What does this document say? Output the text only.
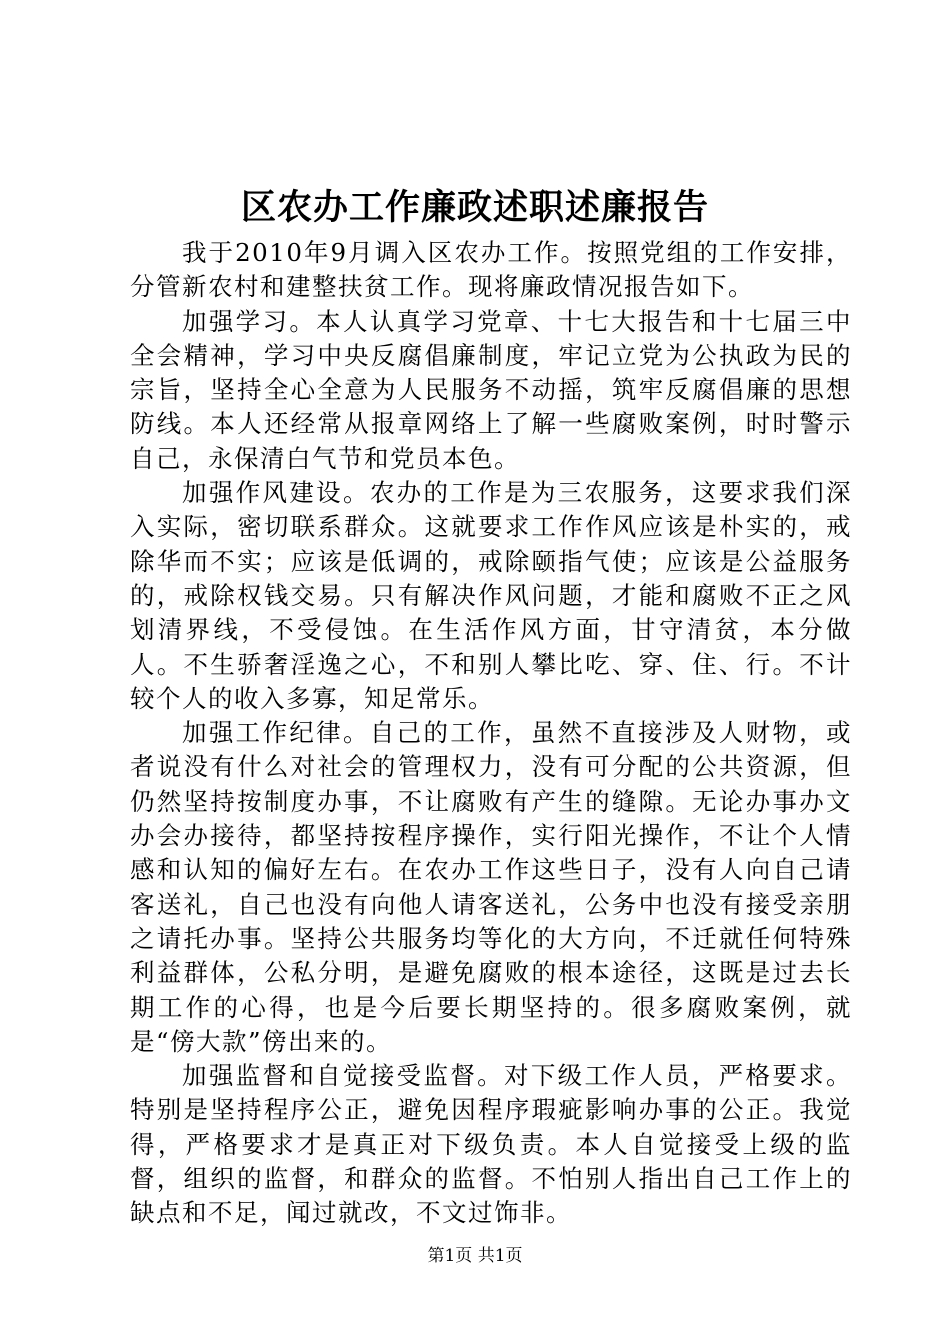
区农办工作廉政述职述廉报告

我于2010年9月调入区农办工作。按照党组的工作安排，分管新农村和建整扶贫工作。现将廉政情况报告如下。

加强学习。本人认真学习党章、十七大报告和十七届三中全会精神，学习中央反腐倡廉制度，牢记立党为公执政为民的宗旨，坚持全心全意为人民服务不动摇，筑牢反腐倡廉的思想防线。本人还经常从报章网络上了解一些腐败案例，时时警示自己，永保清白气节和党员本色。

加强作风建设。农办的工作是为三农服务，这要求我们深入实际，密切联系群众。这就要求工作作风应该是朴实的，戒除华而不实；应该是低调的，戒除颐指气使；应该是公益服务的，戒除权钱交易。只有解决作风问题，才能和腐败不正之风划清界线，不受侵蚀。在生活作风方面，甘守清贫，本分做人。不生骄奢淫逸之心，不和别人攀比吃、穿、住、行。不计较个人的收入多寡，知足常乐。

加强工作纪律。自己的工作，虽然不直接涉及人财物，或者说没有什么对社会的管理权力，没有可分配的公共资源，但仍然坚持按制度办事，不让腐败有产生的缝隙。无论办事办文办会办接待，都坚持按程序操作，实行阳光操作，不让个人情感和认知的偏好左右。在农办工作这些日子，没有人向自己请客送礼，自己也没有向他人请客送礼，公务中也没有接受亲朋之请托办事。坚持公共服务均等化的大方向，不迁就任何特殊利益群体，公私分明，是避免腐败的根本途径，这既是过去长期工作的心得，也是今后要长期坚持的。很多腐败案例，就是“傍大款”傍出来的。

加强监督和自觉接受监督。对下级工作人员，严格要求。特别是坚持程序公正，避免因程序瑕疵影响办事的公正。我觉得，严格要求才是真正对下级负责。本人自觉接受上级的监督，组织的监督，和群众的监督。不怕别人指出自己工作上的缺点和不足，闻过就改，不文过饰非。

第1页 共1页
